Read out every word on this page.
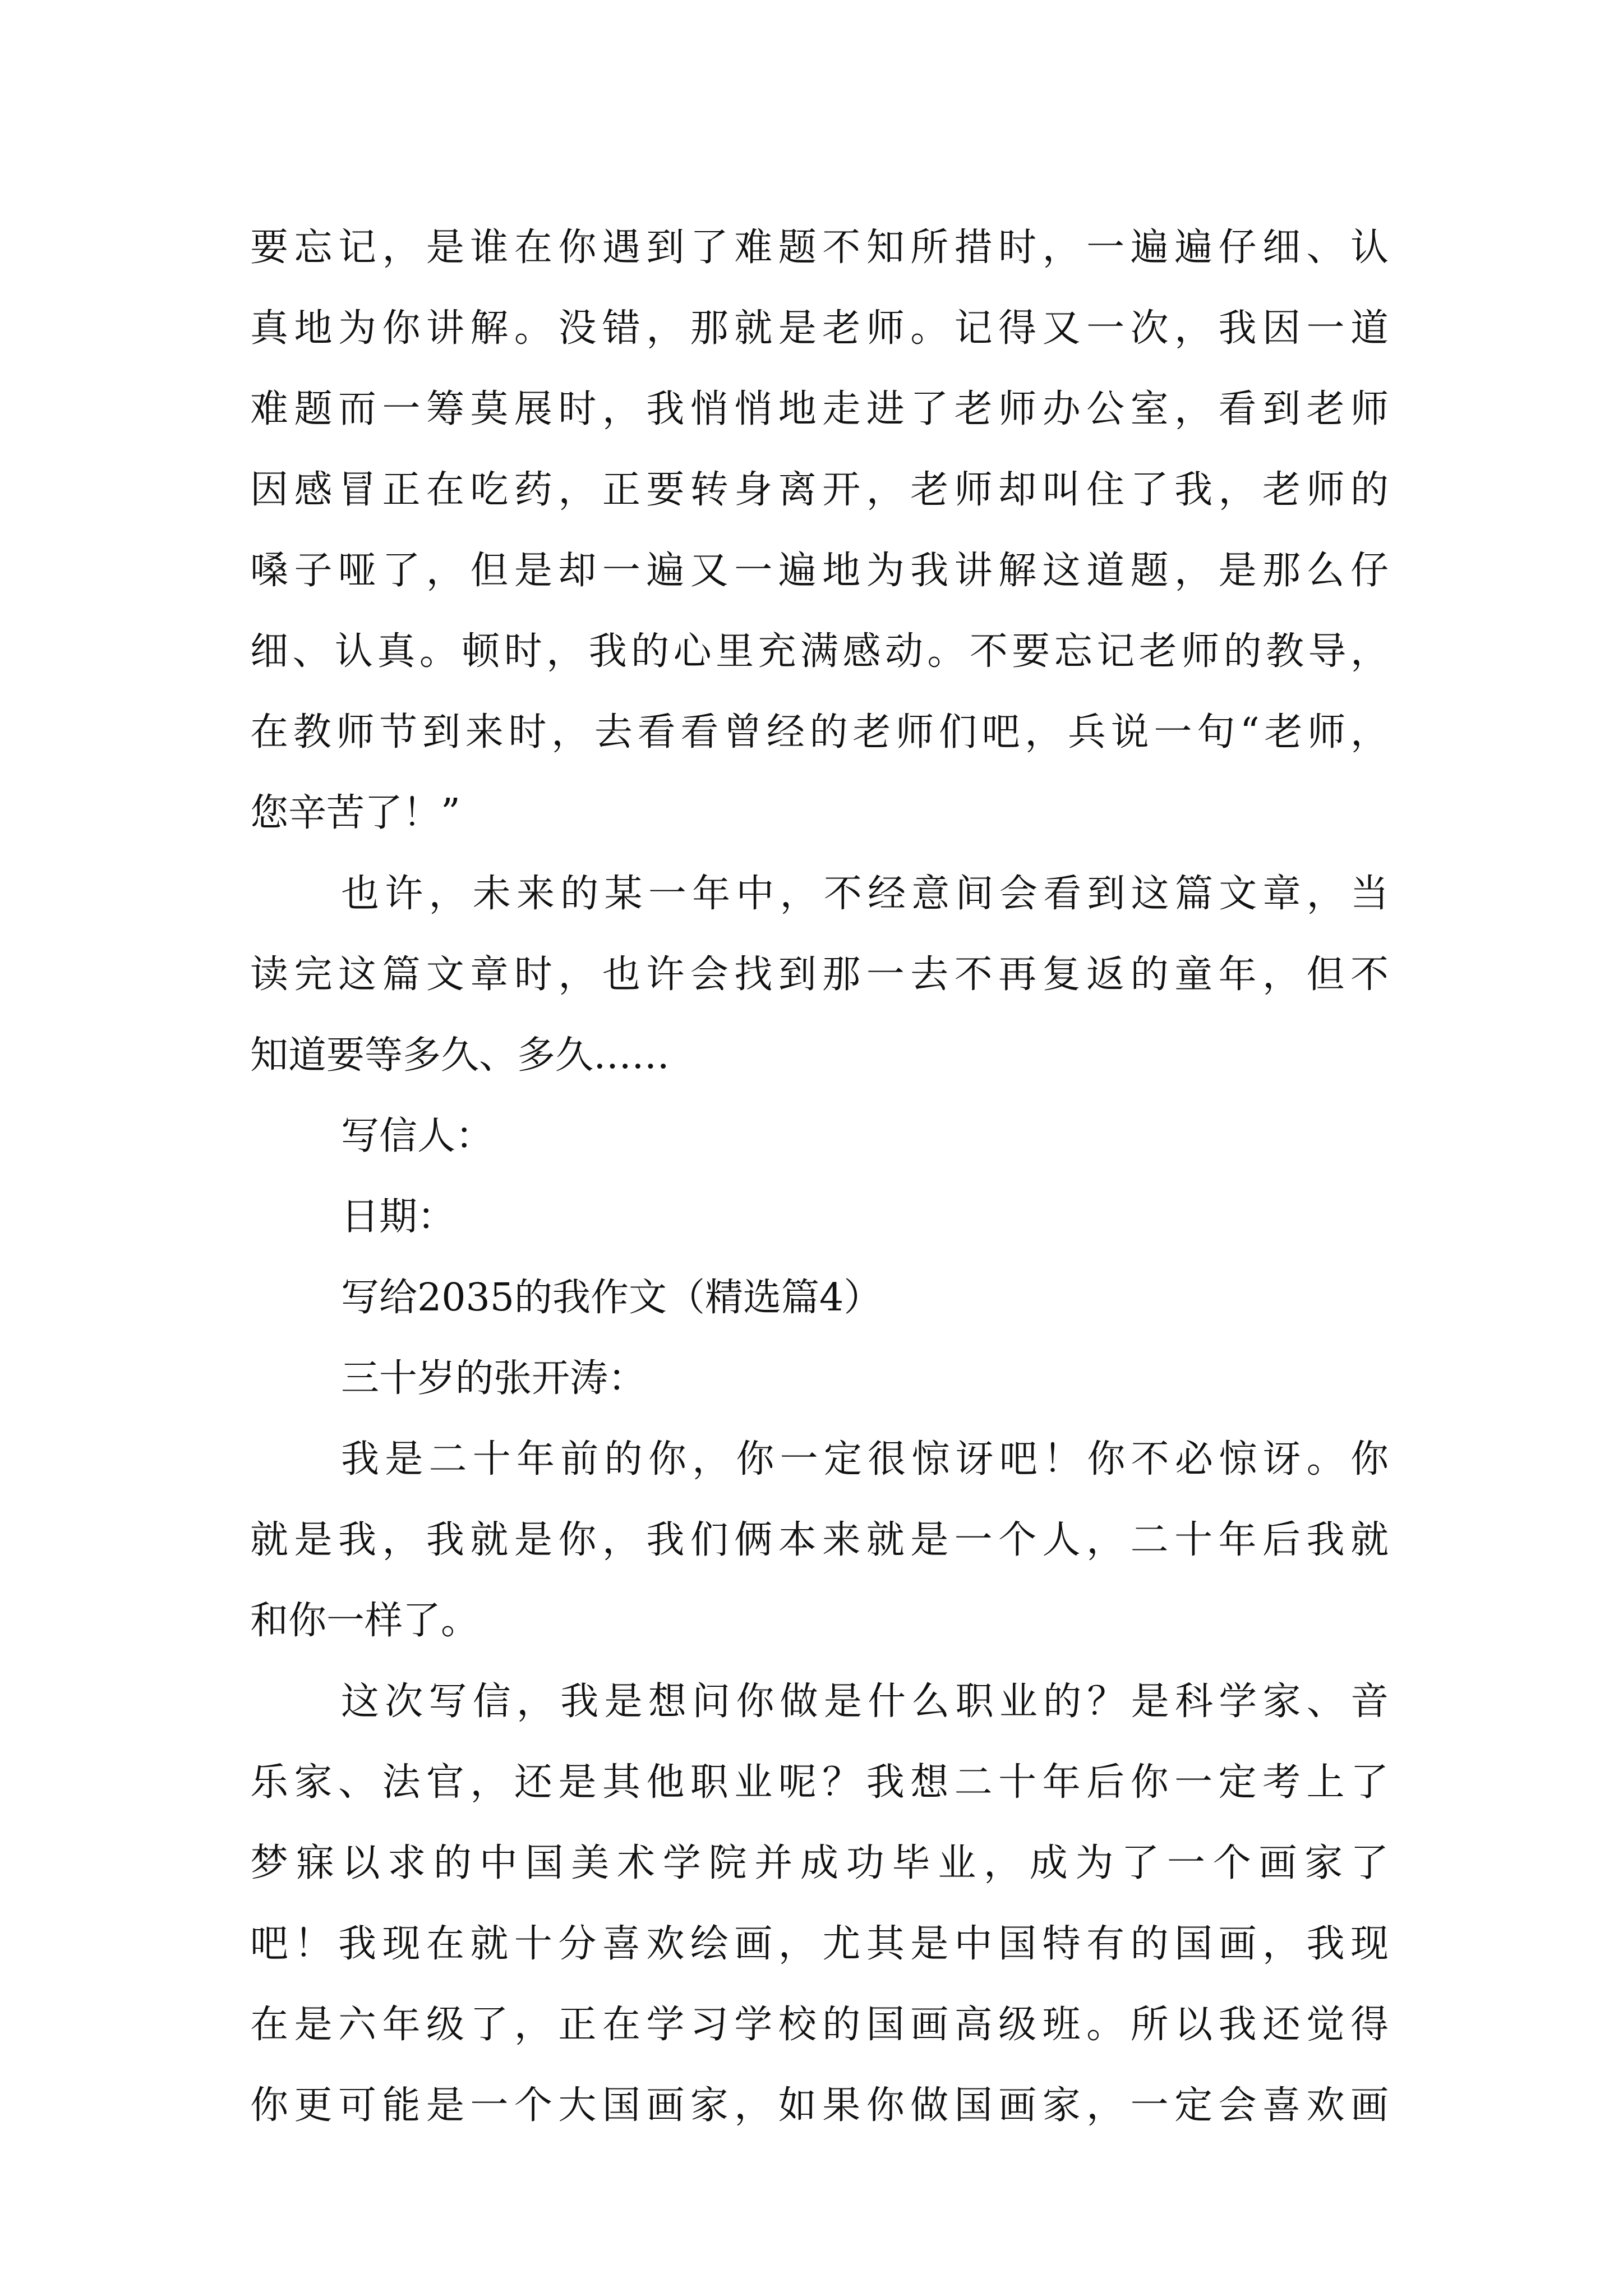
要忘记，是谁在你遇到了难题不知所措时，一遍遍仔细、认
真地为你讲解。没错，那就是老师。记得又一次，我因一道
难题而一筹莫展时，我悄悄地走进了老师办公室，看到老师
因感冒正在吃药，正要转身离开，老师却叫住了我，老师的
嗓子哑了，但是却一遍又一遍地为我讲解这道题，是那么仔
细、认真。顿时，我的心里充满感动。不要忘记老师的教导，
在教师节到来时，去看看曾经的老师们吧，兵说一句“老师，
您辛苦了！”
也许，未来的某一年中，不经意间会看到这篇文章，当
读完这篇文章时，也许会找到那一去不再复返的童年，但不
知道要等多久、多久……
写信人：
日期：
写给2035的我作文（精选篇4）
三十岁的张开涛：
我是二十年前的你，你一定很惊讶吧！你不必惊讶。你
就是我，我就是你，我们俩本来就是一个人，二十年后我就
和你一样了。
这次写信，我是想问你做是什么职业的？是科学家、音
乐家、法官，还是其他职业呢？我想二十年后你一定考上了
梦寐以求的中国美术学院并成功毕业，成为了一个画家了
吧！我现在就十分喜欢绘画，尤其是中国特有的国画，我现
在是六年级了，正在学习学校的国画高级班。所以我还觉得
你更可能是一个大国画家，如果你做国画家，一定会喜欢画
